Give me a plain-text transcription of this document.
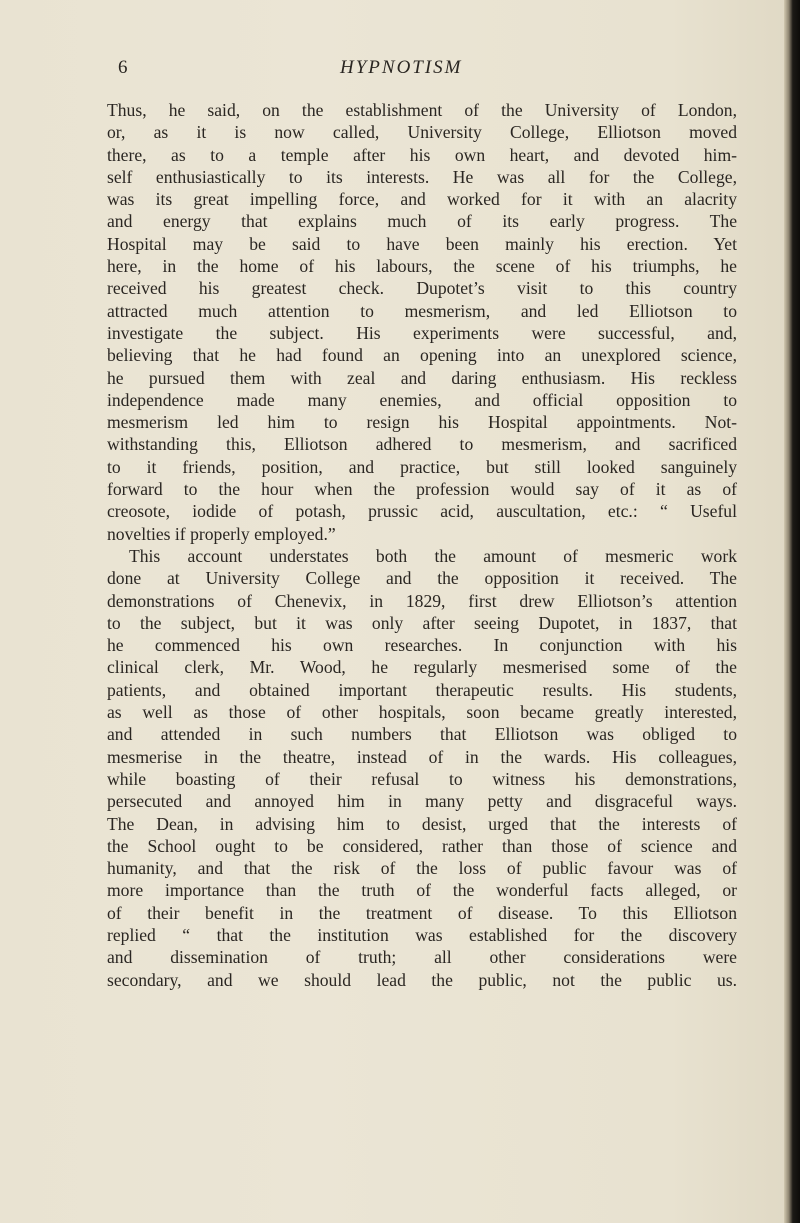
6	HYPNOTISM
Thus, he said, on the establishment of the University of London,
or, as it is now called, University College, Elliotson moved
there, as to a temple after his own heart, and devoted him-
self enthusiastically to its interests. He was all for the College,
was its great impelling force, and worked for it with an alacrity
and energy that explains much of its early progress. The
Hospital may be said to have been mainly his erection. Yet
here, in the home of his labours, the scene of his triumphs, he
received his greatest check. Dupotet’s visit to this country
attracted much attention to mesmerism, and led Elliotson to
investigate the subject. His experiments were successful, and,
believing that he had found an opening into an unexplored science,
he pursued them with zeal and daring enthusiasm. His reckless
independence made many enemies, and official opposition to
mesmerism led him to resign his Hospital appointments. Not-
withstanding this, Elliotson adhered to mesmerism, and sacrificed
to it friends, position, and practice, but still looked sanguinely
forward to the hour when the profession would say of it as of
creosote, iodide of potash, prussic acid, auscultation, etc.: “ Useful
novelties if properly employed.”
This account understates both the amount of mesmeric work
done at University College and the opposition it received. The
demonstrations of Chenevix, in 1829, first drew Elliotson’s attention
to the subject, but it was only after seeing Dupotet, in 1837, that
he commenced his own researches. In conjunction with his
clinical clerk, Mr. Wood, he regularly mesmerised some of the
patients, and obtained important therapeutic results. His students,
as well as those of other hospitals, soon became greatly interested,
and attended in such numbers that Elliotson was obliged to
mesmerise in the theatre, instead of in the wards. His colleagues,
while boasting of their refusal to witness his demonstrations,
persecuted and annoyed him in many petty and disgraceful ways.
The Dean, in advising him to desist, urged that the interests of
the School ought to be considered, rather than those of science and
humanity, and that the risk of the loss of public favour was of
more importance than the truth of the wonderful facts alleged, or
of their benefit in the treatment of disease. To this Elliotson
replied “ that the institution was established for the discovery
and dissemination of truth; all other considerations were
secondary, and we should lead the public, not the public us.
